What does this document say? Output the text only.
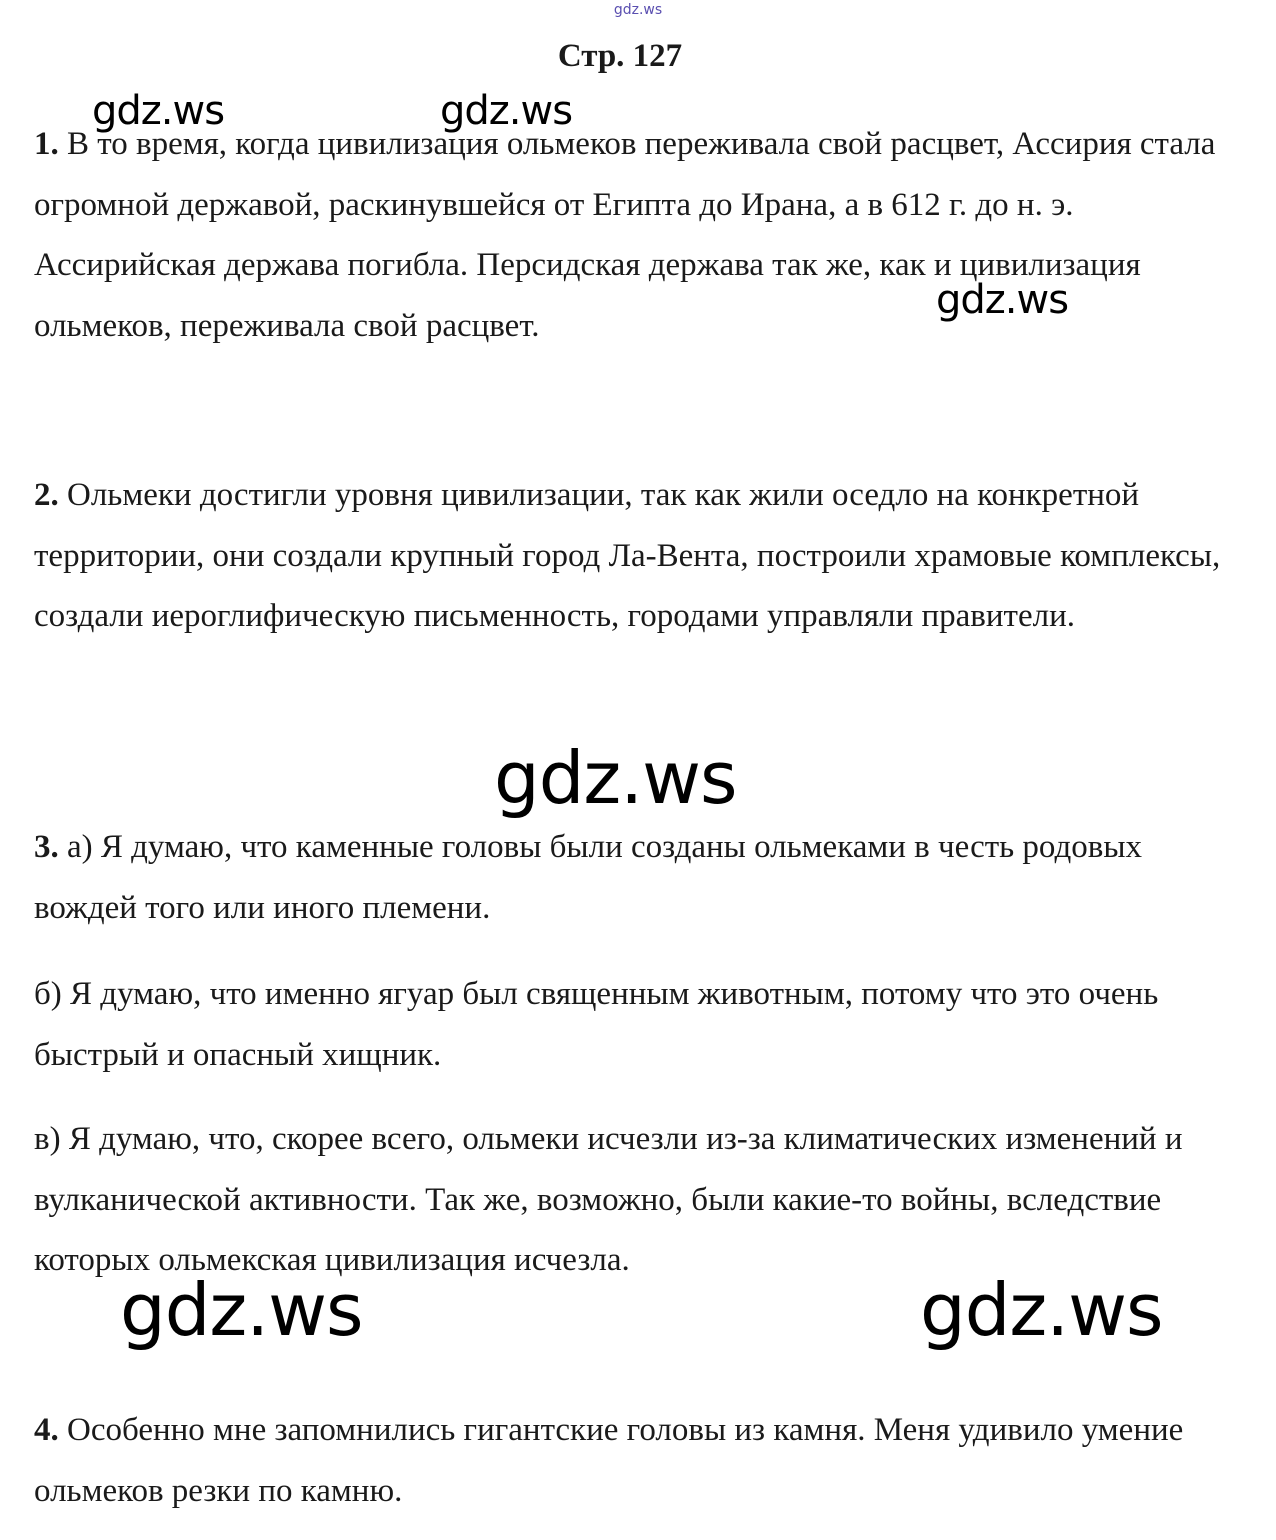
gdz.ws
Стр. 127

1. В то время, когда цивилизация ольмеков переживала свой расцвет, Ассирия стала огромной державой, раскинувшейся от Египта до Ирана, а в 612 г. до н. э. Ассирийская держава погибла. Персидская держава так же, как и цивилизация ольмеков, переживала свой расцвет.

2. Ольмеки достигли уровня цивилизации, так как жили оседло на конкретной территории, они создали крупный город Ла-Вента, построили храмовые комплексы, создали иероглифическую письменность, городами управляли правители.

3. а) Я думаю, что каменные головы были созданы ольмеками в честь родовых вождей того или иного племени.

б) Я думаю, что именно ягуар был священным животным, потому что это очень быстрый и опасный хищник.

в) Я думаю, что, скорее всего, ольмеки исчезли из-за климатических изменений и вулканической активности. Так же, возможно, были какие-то войны, вследствие которых ольмекская цивилизация исчезла.

4. Особенно мне запомнились гигантские головы из камня. Меня удивило умение ольмеков резки по камню.

gdz.ws	gdz.ws
gdz.ws
gdz.ws
gdz.ws	gdz.ws
